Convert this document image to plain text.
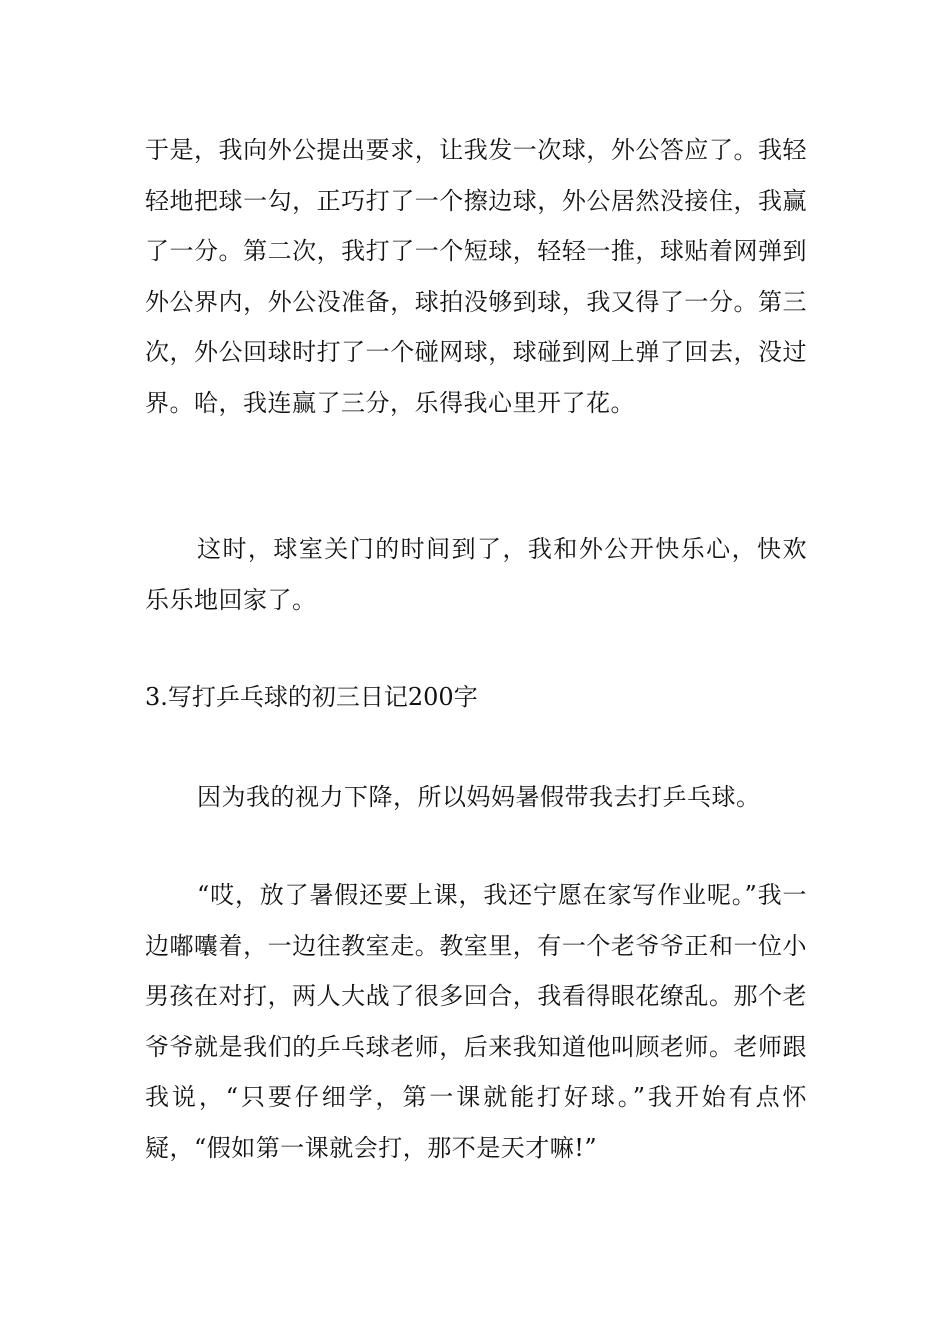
于是，我向外公提出要求，让我发一次球，外公答应了。我轻轻地把球一勾，正巧打了一个擦边球，外公居然没接住，我赢了一分。第二次，我打了一个短球，轻轻一推，球贴着网弹到外公界内，外公没准备，球拍没够到球，我又得了一分。第三次，外公回球时打了一个碰网球，球碰到网上弹了回去，没过界。哈，我连赢了三分，乐得我心里开了花。

这时，球室关门的时间到了，我和外公开快乐心，快欢乐乐地回家了。

3.写打乒乓球的初三日记200字

因为我的视力下降，所以妈妈暑假带我去打乒乓球。

“哎，放了暑假还要上课，我还宁愿在家写作业呢。”我一边嘟囔着，一边往教室走。教室里，有一个老爷爷正和一位小男孩在对打，两人大战了很多回合，我看得眼花缭乱。那个老爷爷就是我们的乒乓球老师，后来我知道他叫顾老师。老师跟我说，“只要仔细学，第一课就能打好球。”我开始有点怀疑，“假如第一课就会打，那不是天才嘛!”
